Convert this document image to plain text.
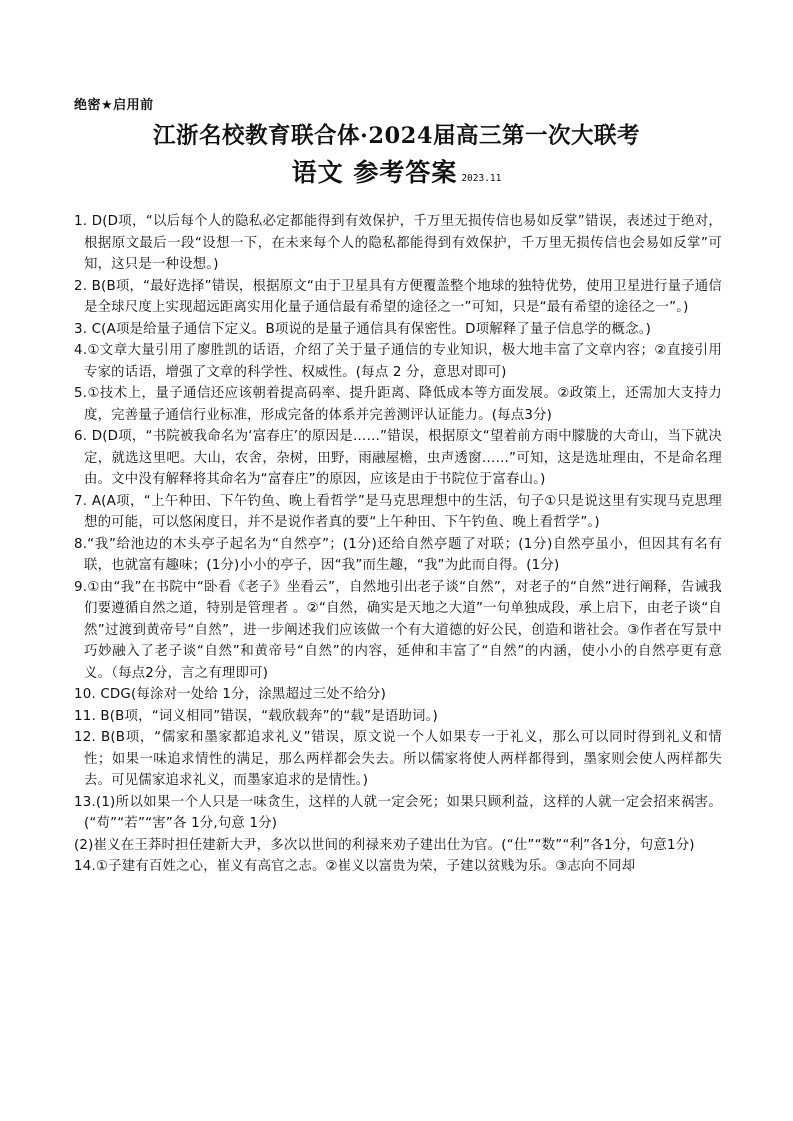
绝密★启用前
江浙名校教育联合体·2024届高三第一次大联考
语文 参考答案 2023.11
1. D(D项，“以后每个人的隐私必定都能得到有效保护，千万里无损传信也易如反掌”错误，表述过于绝对，根据原文最后一段“设想一下，在未来每个人的隐私都能得到有效保护，千万里无损传信也会易如反掌”可知，这只是一种设想。)
2. B(B项，“最好选择”错误，根据原文“由于卫星具有方便覆盖整个地球的独特优势，使用卫星进行量子通信是全球尺度上实现超远距离实用化量子通信最有希望的途径之一”可知，只是“最有希望的途径之一”。)
3. C(A项是给量子通信下定义。B项说的是量子通信具有保密性。D项解释了量子信息学的概念。)
4.①文章大量引用了廖胜凯的话语，介绍了关于量子通信的专业知识，极大地丰富了文章内容；②直接引用专家的话语，增强了文章的科学性、权威性。(每点 2 分，意思对即可)
5.①技术上，量子通信还应该朝着提高码率、提升距离、降低成本等方面发展。②政策上，还需加大支持力度，完善量子通信行业标准，形成完备的体系并完善测评认证能力。(每点3分)
6. D(D项，“书院被我命名为‘富春庄’的原因是……”错误，根据原文“望着前方雨中朦胧的大奇山，当下就决定，就选这里吧。大山，农舍，杂树，田野，雨融屋檐，虫声透窗……”可知，这是选址理由，不是命名理由。文中没有解释将其命名为“富春庄”的原因，应该是由于书院位于富春山。)
7. A(A项，“上午种田、下午钓鱼、晚上看哲学”是马克思理想中的生活，句子①只是说这里有实现马克思理想的可能，可以悠闲度日，并不是说作者真的要“上午种田、下午钓鱼、晚上看哲学”。)
8.“我”给池边的木头亭子起名为“自然亭”；(1分)还给自然亭题了对联；(1分)自然亭虽小，但因其有名有联，也就富有趣味；(1分)小小的亭子，因“我”而生趣，“我”为此而自得。(1分)
9.①由“我”在书院中“卧看《老子》坐看云”，自然地引出老子谈“自然”，对老子的“自然”进行阐释，告诫我们要遵循自然之道，特别是管理者 。②“自然，确实是天地之大道”一句单独成段，承上启下，由老子谈“自然”过渡到黄帝号“自然”，进一步阐述我们应该做一个有大道德的好公民，创造和谐社会。③作者在写景中巧妙融入了老子谈“自然”和黄帝号“自然”的内容，延伸和丰富了“自然”的内涵，使小小的自然亭更有意义。（每点2分，言之有理即可)
10. CDG(每涂对一处给 1分，涂黑超过三处不给分)
11. B(B项，“词义相同”错误，“载欣载奔”的“载”是语助词。)
12. B(B项，“儒家和墨家都追求礼义”错误，原文说一个人如果专一于礼义，那么可以同时得到礼义和情性；如果一味追求情性的满足，那么两样都会失去。所以儒家将使人两样都得到，墨家则会使人两样都失去。可见儒家追求礼义，而墨家追求的是情性。)
13.(1)所以如果一个人只是一味贪生，这样的人就一定会死；如果只顾利益，这样的人就一定会招来祸害。(“苟”“若”“害”各 1分,句意 1分)
(2)崔义在王莽时担任建新大尹，多次以世间的利禄来劝子建出仕为官。(“仕”“数”“利”各1分，句意1分)
14.①子建有百姓之心，崔义有高官之志。②崔义以富贵为荣，子建以贫贱为乐。③志向不同却
